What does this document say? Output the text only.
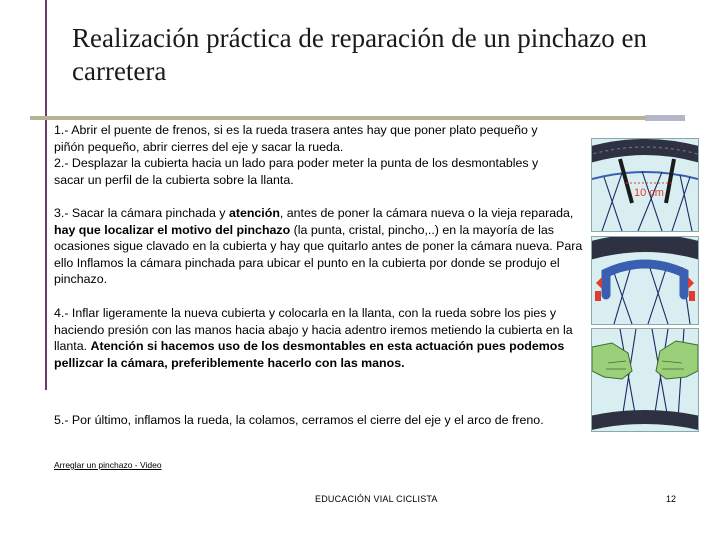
Realización práctica de reparación de un pinchazo en carretera
1.- Abrir el puente de frenos, si es la rueda trasera antes hay que poner plato pequeño y piñón pequeño, abrir cierres del eje y sacar la rueda.
2.- Desplazar la cubierta hacia un lado para poder meter la punta de los desmontables y sacar un perfil de la cubierta sobre la llanta.
3.- Sacar la cámara pinchada y atención, antes de poner la cámara nueva o la vieja reparada, hay que localizar el motivo del pinchazo (la punta, cristal, pincho,..) en la mayoría de las ocasiones sigue clavado en la cubierta y hay que quitarlo antes de poner la cámara nueva. Para ello Inflamos la cámara pinchada para ubicar el punto en la cubierta por donde se produjo el pinchazo.
4.- Inflar ligeramente la nueva cubierta y colocarla en la llanta, con la rueda sobre los pies y haciendo presión con las manos hacia abajo y hacia adentro iremos metiendo la cubierta en la llanta. Atención si hacemos uso de los desmontables en esta actuación pues podemos pellizcar la cámara, preferiblemente hacerlo con las manos.
5.- Por último, inflamos la rueda, la colamos, cerramos el cierre del eje y el arco de freno.
Arreglar un pinchazo - Video
EDUCACIÓN VIAL CICLISTA	12
10 cm
